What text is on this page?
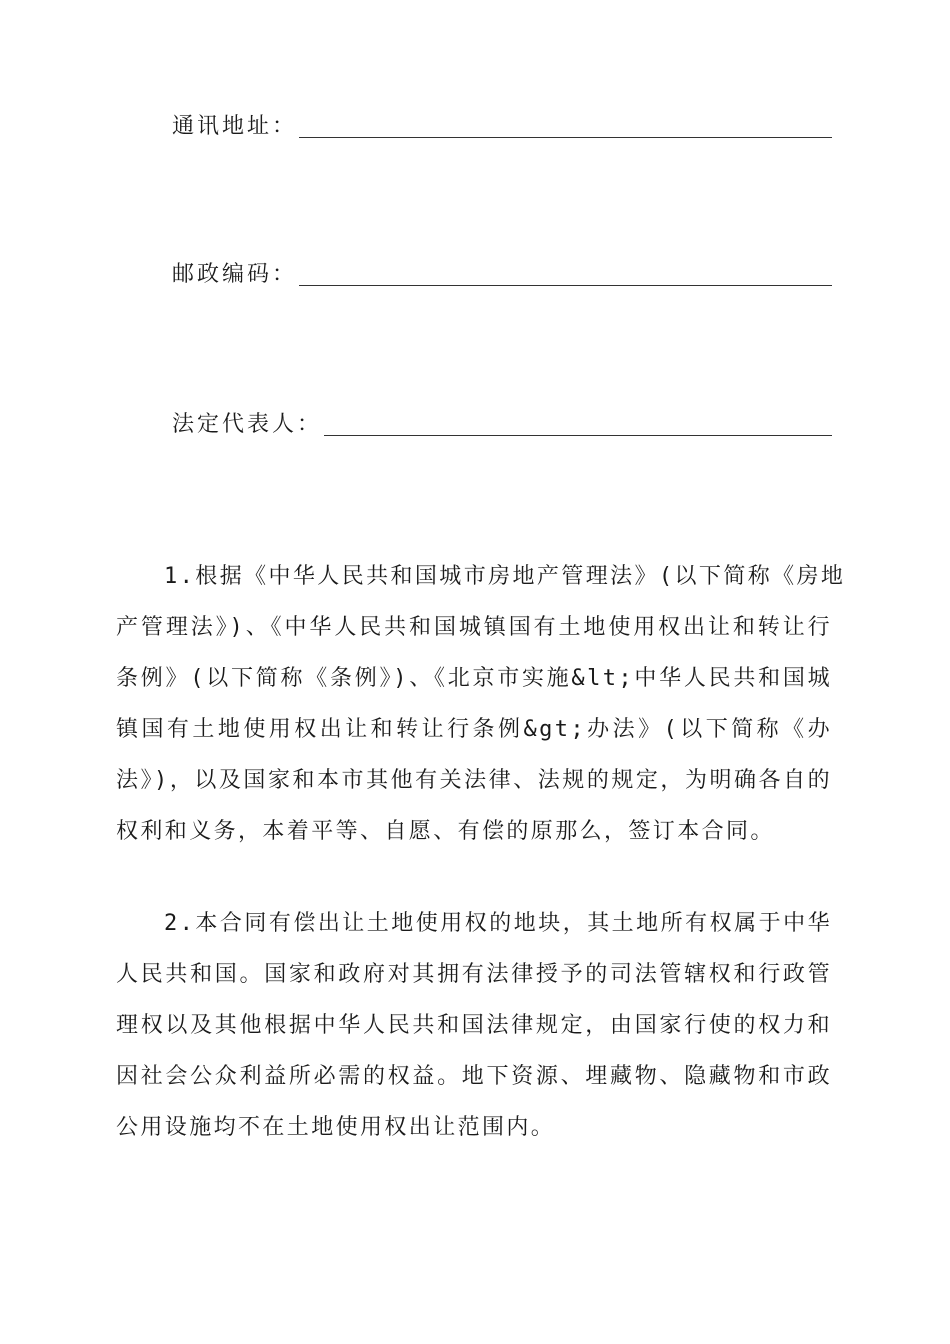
通讯地址：
邮政编码：
法定代表人：
1.根据《中华人民共和国城市房地产管理法》(以下简称《房地
产管理法》)、《中华人民共和国城镇国有土地使用权出让和转让行
条例》(以下简称《条例》)、《北京市实施&lt;中华人民共和国城
镇国有土地使用权出让和转让行条例&gt;办法》(以下简称《办
法》)，以及国家和本市其他有关法律、法规的规定，为明确各自的
权利和义务，本着平等、自愿、有偿的原那么，签订本合同。
2.本合同有偿出让土地使用权的地块，其土地所有权属于中华
人民共和国。国家和政府对其拥有法律授予的司法管辖权和行政管
理权以及其他根据中华人民共和国法律规定，由国家行使的权力和
因社会公众利益所必需的权益。地下资源、埋藏物、隐藏物和市政
公用设施均不在土地使用权出让范围内。
